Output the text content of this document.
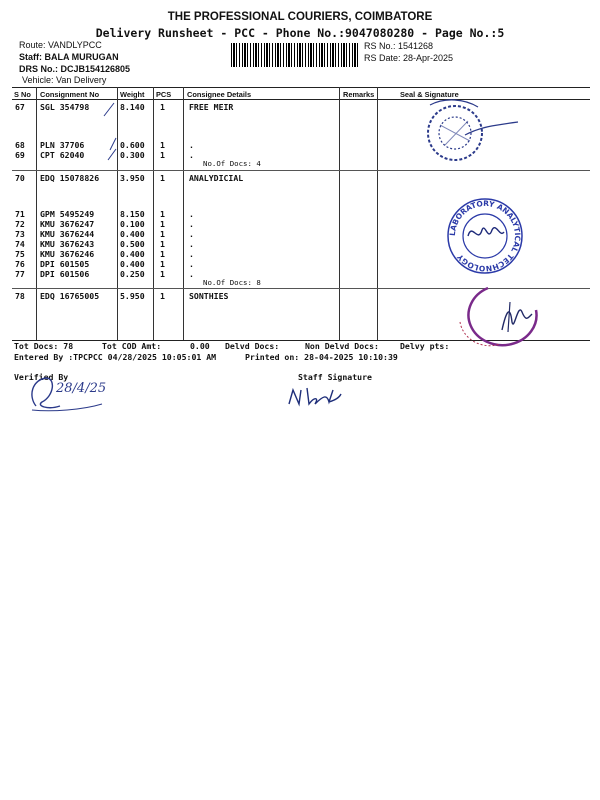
THE PROFESSIONAL COURIERS, COIMBATORE
Delivery Runsheet - PCC - Phone No.:9047080280 - Page No.:5
Route: VANDLYPCC
Staff: BALA MURUGAN
DRS No.: DCJB154126805
Vehicle: Van Delivery
RS No.: 1541268
RS Date: 28-Apr-2025
S No Consignment No	Weight PCS Consignee Details	Remarks	Seal & Signature
67 SGL 354798	8.140 1	FREE MEIR
68 PLN 37706	0.600 1	.
69 CPT 62040	0.300 1	.
No.Of Docs: 4
70 EDQ 15078826	3.950 1	ANALYDICIAL
71 GPM 5495249	8.150 1	.
72 KMU 3676247	0.100 1	.
73 KMU 3676244	0.400 1	.
74 KMU 3676243	0.500 1	.
75 KMU 3676246	0.400 1	.
76 DPI 601505	0.400 1	.
77 DPI 601506	0.250 1	.
No.Of Docs: 8
78 EDQ 16765005	5.950 1	SONTHIES
LABORATORY ANALYTICAL TECHNOLOGY
Tot Docs: 78	Tot COD Amt:	0.00 Delvd Docs:	Non Delvd Docs:	Delvy pts:
Entered By :TPCPCC 04/28/2025 10:05:01 AM	Printed on: 28-04-2025 10:10:39
Verified By	Staff Signature
28/4/25
